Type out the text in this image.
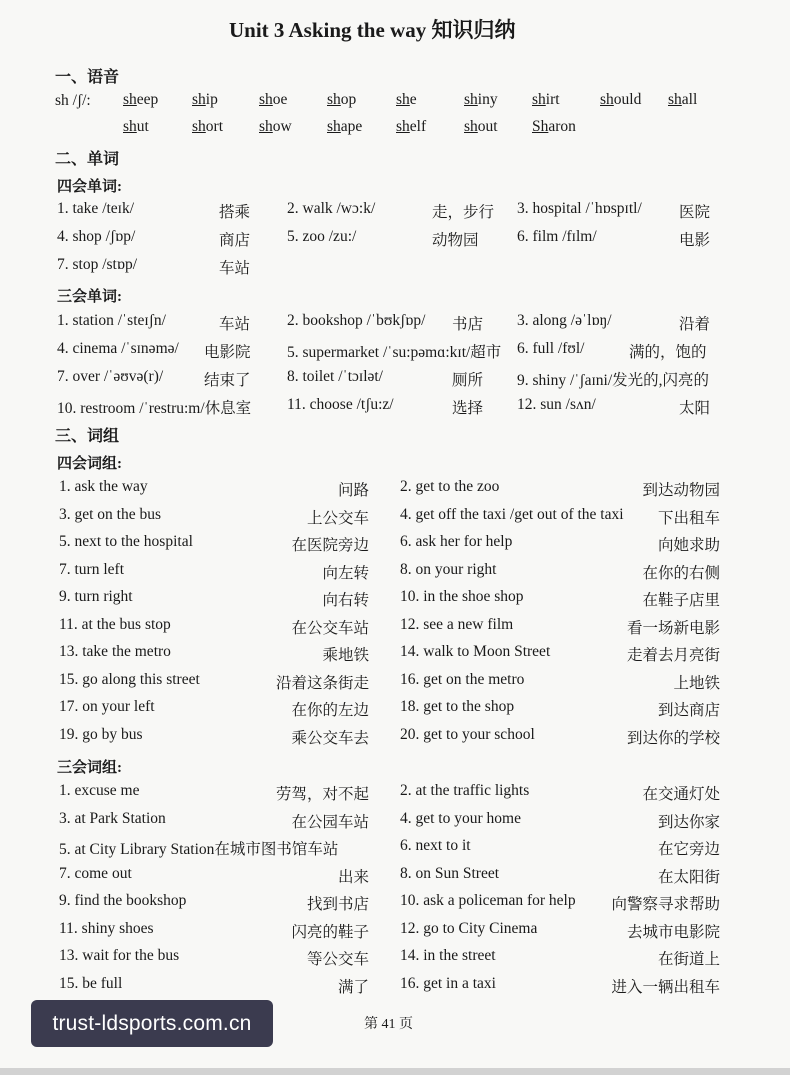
Unit 3 Asking the way 知识归纳
一、语音
sh /ʃ/: sheep ship	shoe	shop	she	shiny shirt	should shall
shut	short show shape shelf shout Sharon
二、单词
四会单词:
1. take /teɪk/	搭乘 2. walk /wɔ:k/	走，步行 3. hospital /ˈhɒspɪtl/ 医院
4. shop /ʃɒp/	商店 5. zoo /zu:/	动物园 6. film /fɪlm/	电影
7. stop /stɒp/	车站
三会单词:
1. station /ˈsteɪʃn/	车站 2. bookshop /ˈbʊkʃɒp/ 书店 3. along /əˈlɒŋ/	沿着
4. cinema /ˈsɪnəmə/ 电影院 5. supermarket /ˈsu:pəmɑ:kɪt/超市 6. full /fʊl/	满的，饱的
7. over /ˈəʊvə(r)/	结束了 8. toilet /ˈtɔɪlət/	厕所 9. shiny /ˈʃaɪni/发光的,闪亮的
10. restroom /ˈrestru:m/休息室 11. choose /tʃu:z/	选择 12. sun /sʌn/	太阳
三、词组
四会词组:
1. ask the way	问路 2. get to the zoo	到达动物园
3. get on the bus	上公交车 4. get off the taxi /get out of the taxi 下出租车
5. next to the hospital	在医院旁边 6. ask her for help	向她求助
7. turn left	向左转 8. on your right	在你的右侧
9. turn right	向右转 10. in the shoe shop	在鞋子店里
11. at the bus stop	在公交车站 12. see a new film	看一场新电影
13. take the metro	乘地铁 14. walk to Moon Street	走着去月亮街
15. go along this street	沿着这条街走 16. get on the metro	上地铁
17. on your left	在你的左边 18. get to the shop	到达商店
19. go by bus	乘公交车去 20. get to your school	到达你的学校
三会词组:
1. excuse me	劳驾，对不起 2. at the traffic lights	在交通灯处
3. at Park Station	在公园车站 4. get to your home	到达你家
5. at City Library Station在城市图书馆车站	6. next to it	在它旁边
7. come out	出来 8. on Sun Street	在太阳街
9. find the bookshop	找到书店 10. ask a policeman for help 向警察寻求帮助
11. shiny shoes	闪亮的鞋子 12. go to City Cinema	去城市电影院
13. wait for the bus	等公交车 14. in the street	在街道上
15. be full	满了 16. get in a taxi	进入一辆出租车
第 41 页
trust-ldsports.com.cn
